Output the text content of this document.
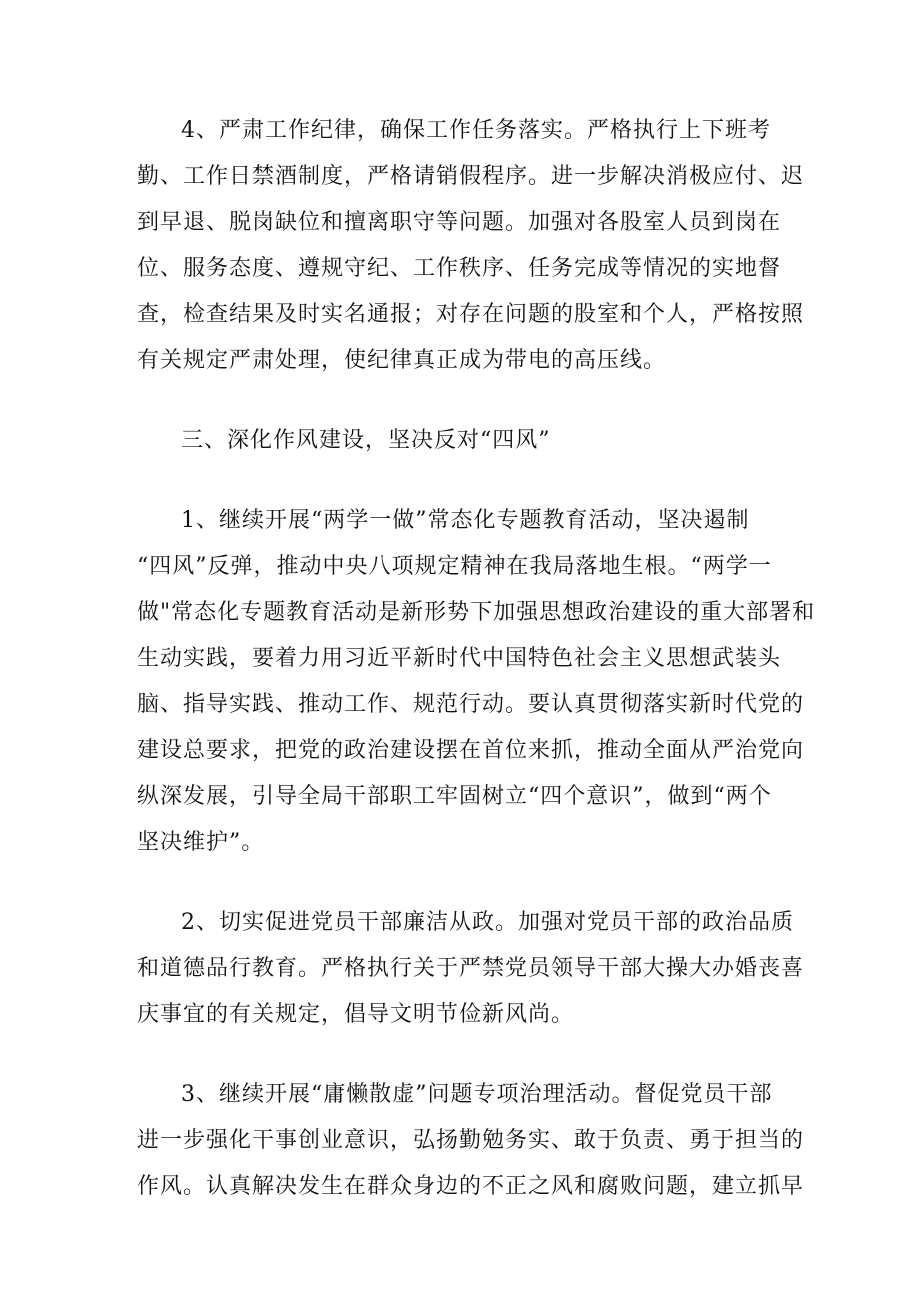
4、严肃工作纪律，确保工作任务落实。严格执行上下班考
勤、工作日禁酒制度，严格请销假程序。进一步解决消极应付、迟
到早退、脱岗缺位和擅离职守等问题。加强对各股室人员到岗在
位、服务态度、遵规守纪、工作秩序、任务完成等情况的实地督
查，检查结果及时实名通报；对存在问题的股室和个人，严格按照
有关规定严肃处理，使纪律真正成为带电的高压线。

三、深化作风建设，坚决反对“四风”

1、继续开展“两学一做”常态化专题教育活动，坚决遏制
“四风”反弹，推动中央八项规定精神在我局落地生根。“两学一
做"常态化专题教育活动是新形势下加强思想政治建设的重大部署和
生动实践，要着力用习近平新时代中国特色社会主义思想武装头
脑、指导实践、推动工作、规范行动。要认真贯彻落实新时代党的
建设总要求，把党的政治建设摆在首位来抓，推动全面从严治党向
纵深发展，引导全局干部职工牢固树立“四个意识”，做到“两个
坚决维护”。

2、切实促进党员干部廉洁从政。加强对党员干部的政治品质
和道德品行教育。严格执行关于严禁党员领导干部大操大办婚丧喜
庆事宜的有关规定，倡导文明节俭新风尚。

3、继续开展“庸懒散虚”问题专项治理活动。督促党员干部
进一步强化干事创业意识，弘扬勤勉务实、敢于负责、勇于担当的
作风。认真解决发生在群众身边的不正之风和腐败问题，建立抓早
